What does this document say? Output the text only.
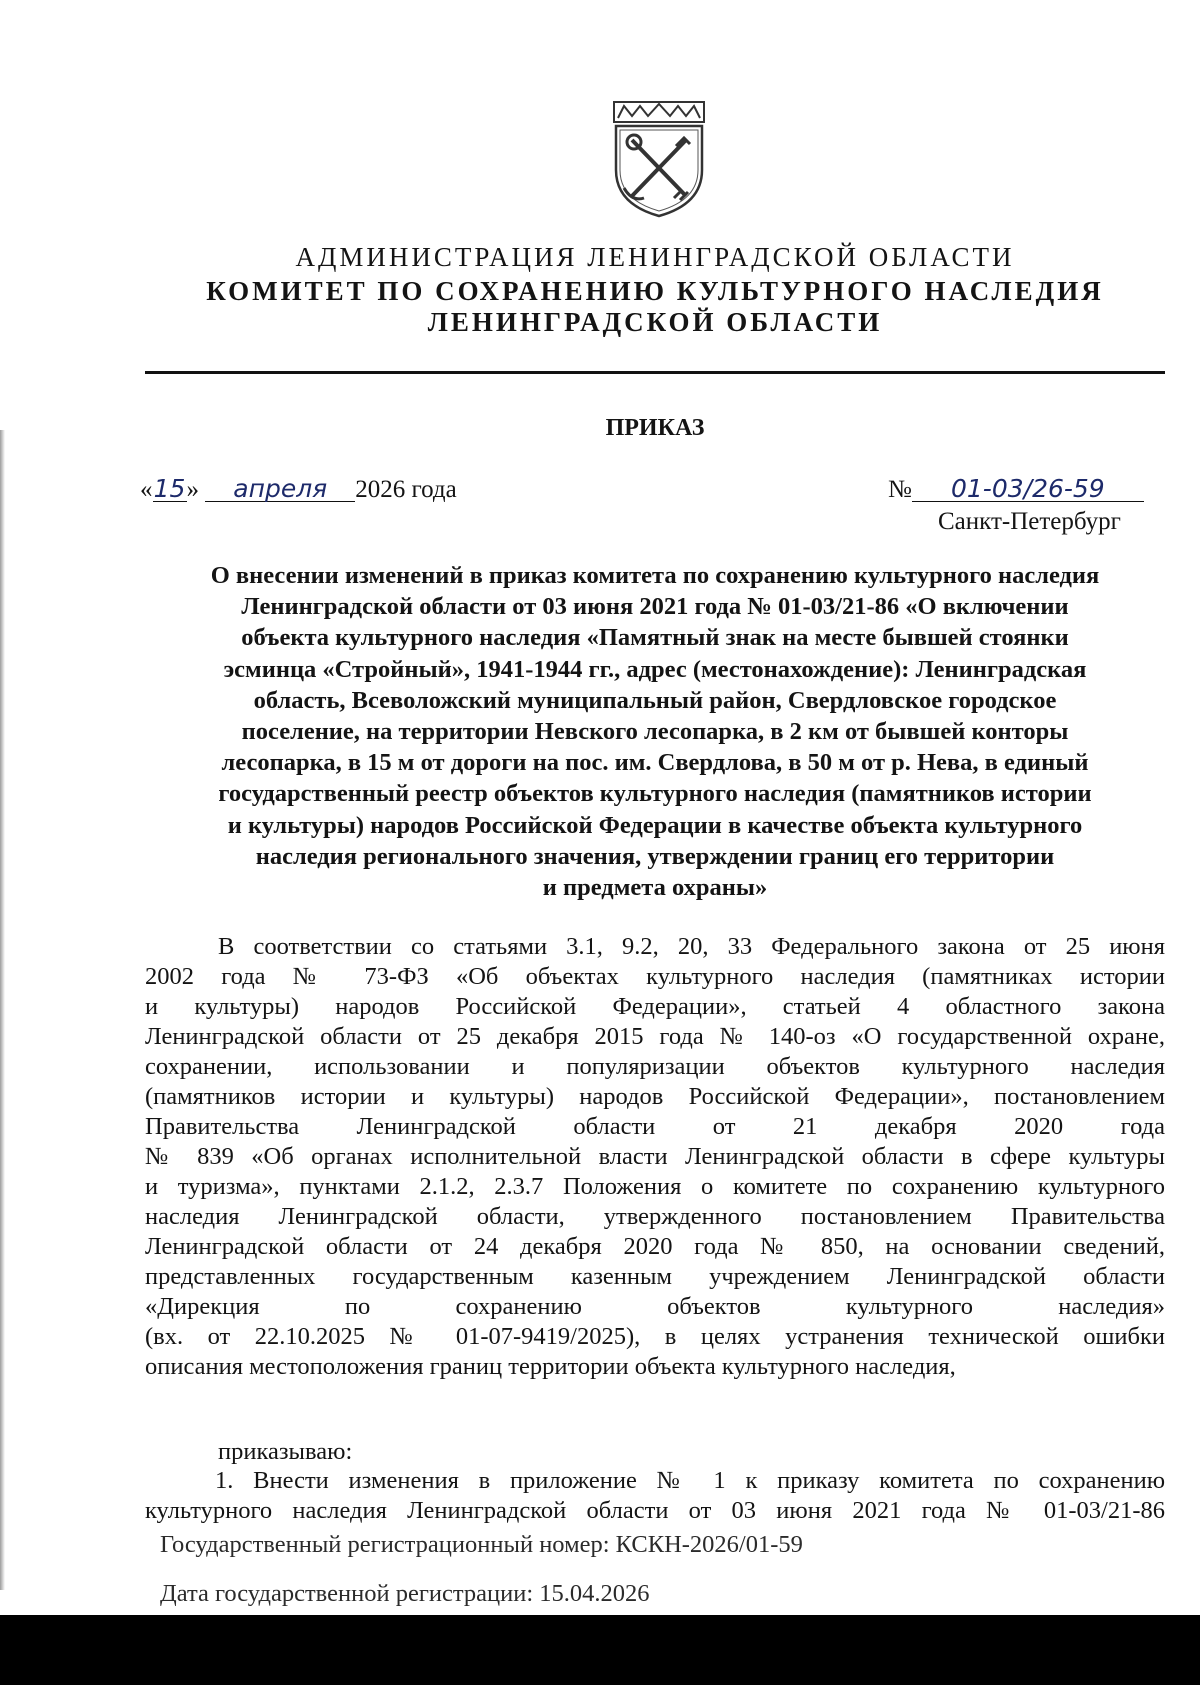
АДМИНИСТРАЦИЯ ЛЕНИНГРАДСКОЙ ОБЛАСТИ
КОМИТЕТ ПО СОХРАНЕНИЮ КУЛЬТУРНОГО НАСЛЕДИЯ
ЛЕНИНГРАДСКОЙ ОБЛАСТИ
ПРИКАЗ
«15» апреля 2026 года	№ 01-03/26-59
Санкт-Петербург
О внесении изменений в приказ комитета по сохранению культурного наследия
Ленинградской области от 03 июня 2021 года № 01-03/21-86 «О включении
объекта культурного наследия «Памятный знак на месте бывшей стоянки
эсминца «Стройный», 1941-1944 гг., адрес (местонахождение): Ленинградская
область, Всеволожский муниципальный район, Свердловское городское
поселение, на территории Невского лесопарка, в 2 км от бывшей конторы
лесопарка, в 15 м от дороги на пос. им. Свердлова, в 50 м от р. Нева, в единый
государственный реестр объектов культурного наследия (памятников истории
и культуры) народов Российской Федерации в качестве объекта культурного
наследия регионального значения, утверждении границ его территории
и предмета охраны»

В соответствии со статьями 3.1, 9.2, 20, 33 Федерального закона от 25 июня

2002 года № 73-ФЗ «Об объектах культурного наследия (памятниках истории

и культуры) народов Российской Федерации», статьей 4 областного закона

Ленинградской области от 25 декабря 2015 года № 140-оз «О государственной охране,

сохранении, использовании и популяризации объектов культурного наследия

(памятников истории и культуры) народов Российской Федерации», постановлением

Правительства Ленинградской области от 21 декабря 2020 года

№ 839 «Об органах исполнительной власти Ленинградской области в сфере культуры

и туризма», пунктами 2.1.2, 2.3.7 Положения о комитете по сохранению культурного

наследия Ленинградской области, утвержденного постановлением Правительства

Ленинградской области от 24 декабря 2020 года № 850, на основании сведений,

представленных государственным казенным учреждением Ленинградской области

«Дирекция по сохранению объектов культурного наследия»

(вх. от 22.10.2025 № 01-07-9419/2025), в целях устранения технической ошибки

описания местоположения границ территории объекта культурного наследия,

приказываю:

1. Внести изменения в приложение № 1 к приказу комитета по сохранению

культурного наследия Ленинградской области от 03 июня 2021 года № 01-03/21-86

Государственный регистрационный номер: КСКН-2026/01-59
Дата государственной регистрации: 15.04.2026
